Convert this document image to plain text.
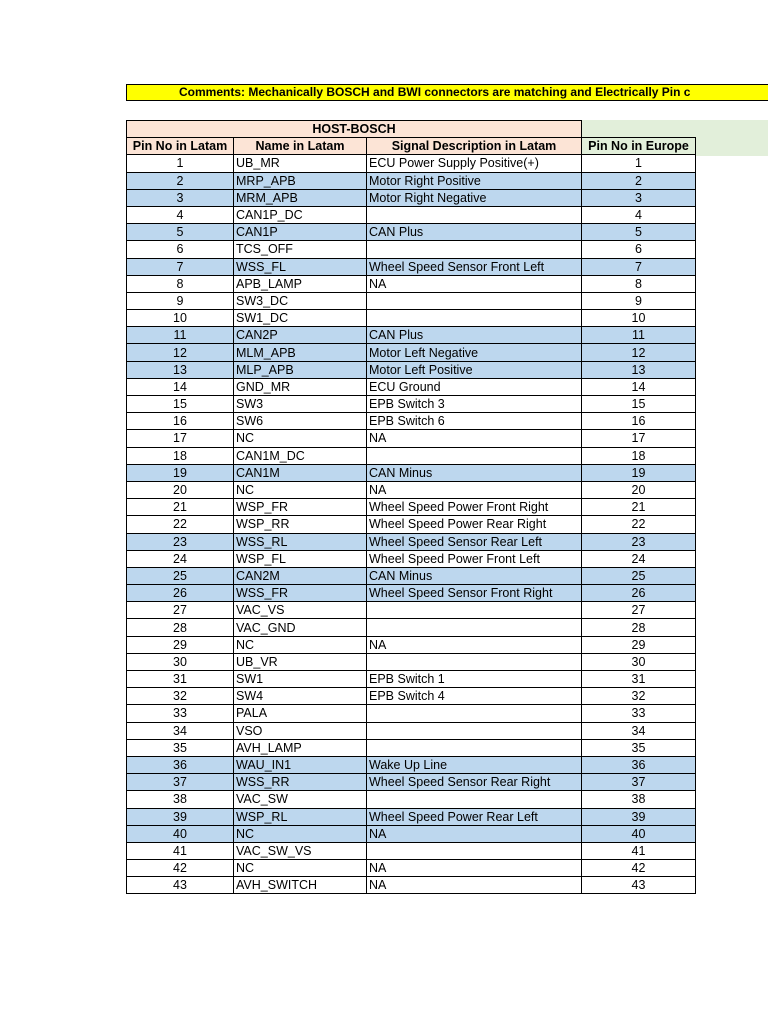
Comments: Mechanically BOSCH and BWI connectors are matching and Electrically Pin c
HOST-BOSCH			
Pin No in Latam	Name in Latam	Signal Description in Latam	Pin No in Europe
1	UB_MR	ECU Power Supply Positive(+)	1
2	MRP_APB	Motor Right Positive	2
3	MRM_APB	Motor Right Negative	3
4	CAN1P_DC		4
5	CAN1P	CAN Plus	5
6	TCS_OFF		6
7	WSS_FL	Wheel Speed Sensor Front Left	7
8	APB_LAMP	NA	8
9	SW3_DC		9
10	SW1_DC		10
11	CAN2P	CAN Plus	11
12	MLM_APB	Motor Left Negative	12
13	MLP_APB	Motor Left Positive	13
14	GND_MR	ECU Ground	14
15	SW3	EPB Switch 3	15
16	SW6	EPB Switch 6	16
17	NC	NA	17
18	CAN1M_DC		18
19	CAN1M	CAN Minus	19
20	NC	NA	20
21	WSP_FR	Wheel Speed Power Front Right	21
22	WSP_RR	Wheel Speed Power Rear Right	22
23	WSS_RL	Wheel Speed Sensor Rear Left	23
24	WSP_FL	Wheel Speed Power Front Left	24
25	CAN2M	CAN Minus	25
26	WSS_FR	Wheel Speed Sensor Front Right	26
27	VAC_VS		27
28	VAC_GND		28
29	NC	NA	29
30	UB_VR		30
31	SW1	EPB Switch 1	31
32	SW4	EPB Switch 4	32
33	PALA		33
34	VSO		34
35	AVH_LAMP		35
36	WAU_IN1	Wake Up Line	36
37	WSS_RR	Wheel Speed Sensor Rear Right	37
38	VAC_SW		38
39	WSP_RL	Wheel Speed Power Rear Left	39
40	NC	NA	40
41	VAC_SW_VS		41
42	NC	NA	42
43	AVH_SWITCH	NA	43
